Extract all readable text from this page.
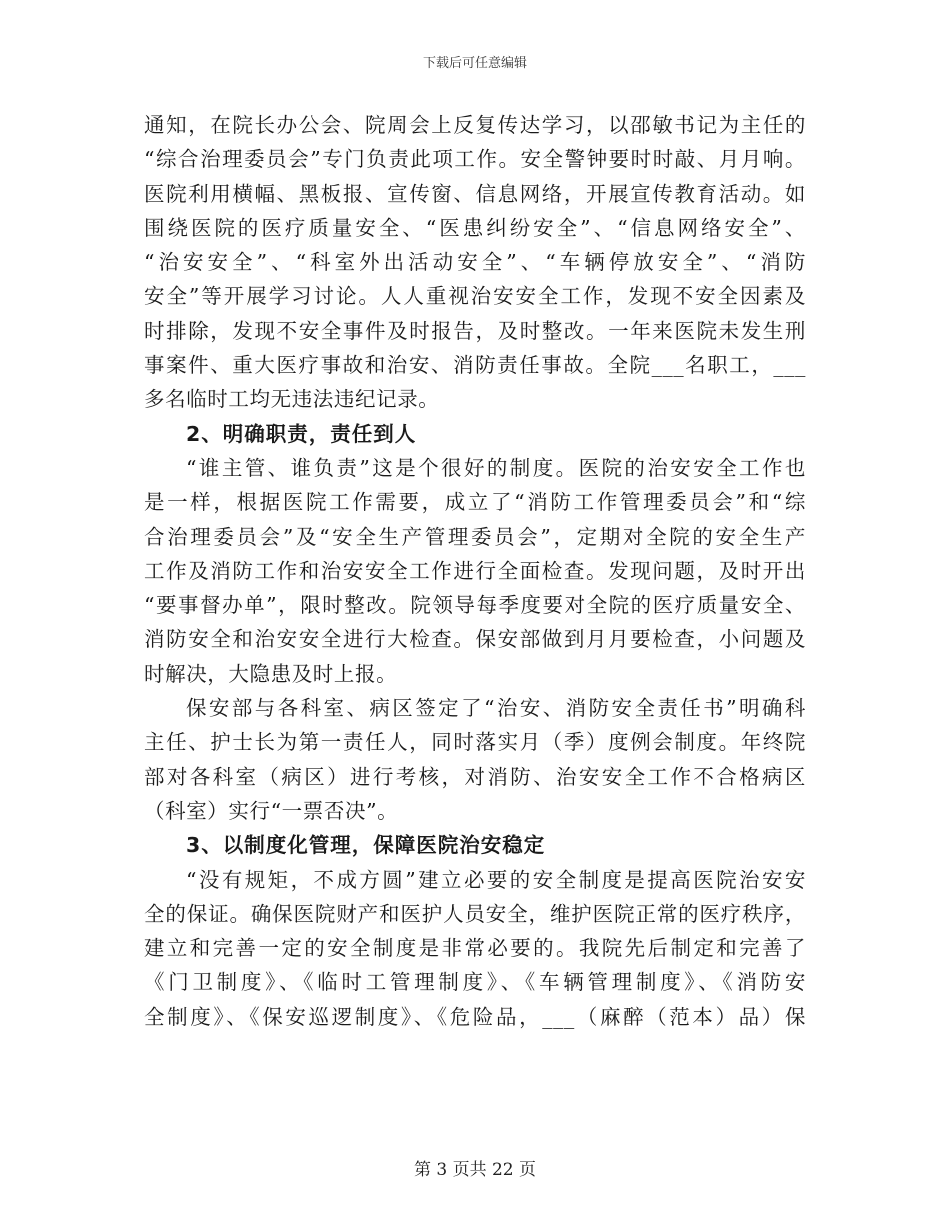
下载后可任意编辑
通知，在院长办公会、院周会上反复传达学习，以邵敏书记为主任的
“综合治理委员会”专门负责此项工作。安全警钟要时时敲、月月响。
医院利用横幅、黑板报、宣传窗、信息网络，开展宣传教育活动。如
围绕医院的医疗质量安全、“医患纠纷安全”、“信息网络安全”、
“治安安全”、“科室外出活动安全”、“车辆停放安全”、“消防
安全”等开展学习讨论。人人重视治安安全工作，发现不安全因素及
时排除，发现不安全事件及时报告，及时整改。一年来医院未发生刑
事案件、重大医疗事故和治安、消防责任事故。全院___名职工，___
多名临时工均无违法违纪记录。
2、明确职责，责任到人
“谁主管、谁负责”这是个很好的制度。医院的治安安全工作也
是一样，根据医院工作需要，成立了“消防工作管理委员会”和“综
合治理委员会”及“安全生产管理委员会”，定期对全院的安全生产
工作及消防工作和治安安全工作进行全面检查。发现问题，及时开出
“要事督办单”，限时整改。院领导每季度要对全院的医疗质量安全、
消防安全和治安安全进行大检查。保安部做到月月要检查，小问题及
时解决，大隐患及时上报。
保安部与各科室、病区签定了“治安、消防安全责任书”明确科
主任、护士长为第一责任人，同时落实月（季）度例会制度。年终院
部对各科室（病区）进行考核，对消防、治安安全工作不合格病区
（科室）实行“一票否决”。
3、以制度化管理，保障医院治安稳定
“没有规矩，不成方圆”建立必要的安全制度是提高医院治安安
全的保证。确保医院财产和医护人员安全，维护医院正常的医疗秩序，
建立和完善一定的安全制度是非常必要的。我院先后制定和完善了
《门卫制度》、《临时工管理制度》、《车辆管理制度》、《消防安
全制度》、《保安巡逻制度》、《危险品，___（麻醉（范本）品）保
第 3 页共 22 页
